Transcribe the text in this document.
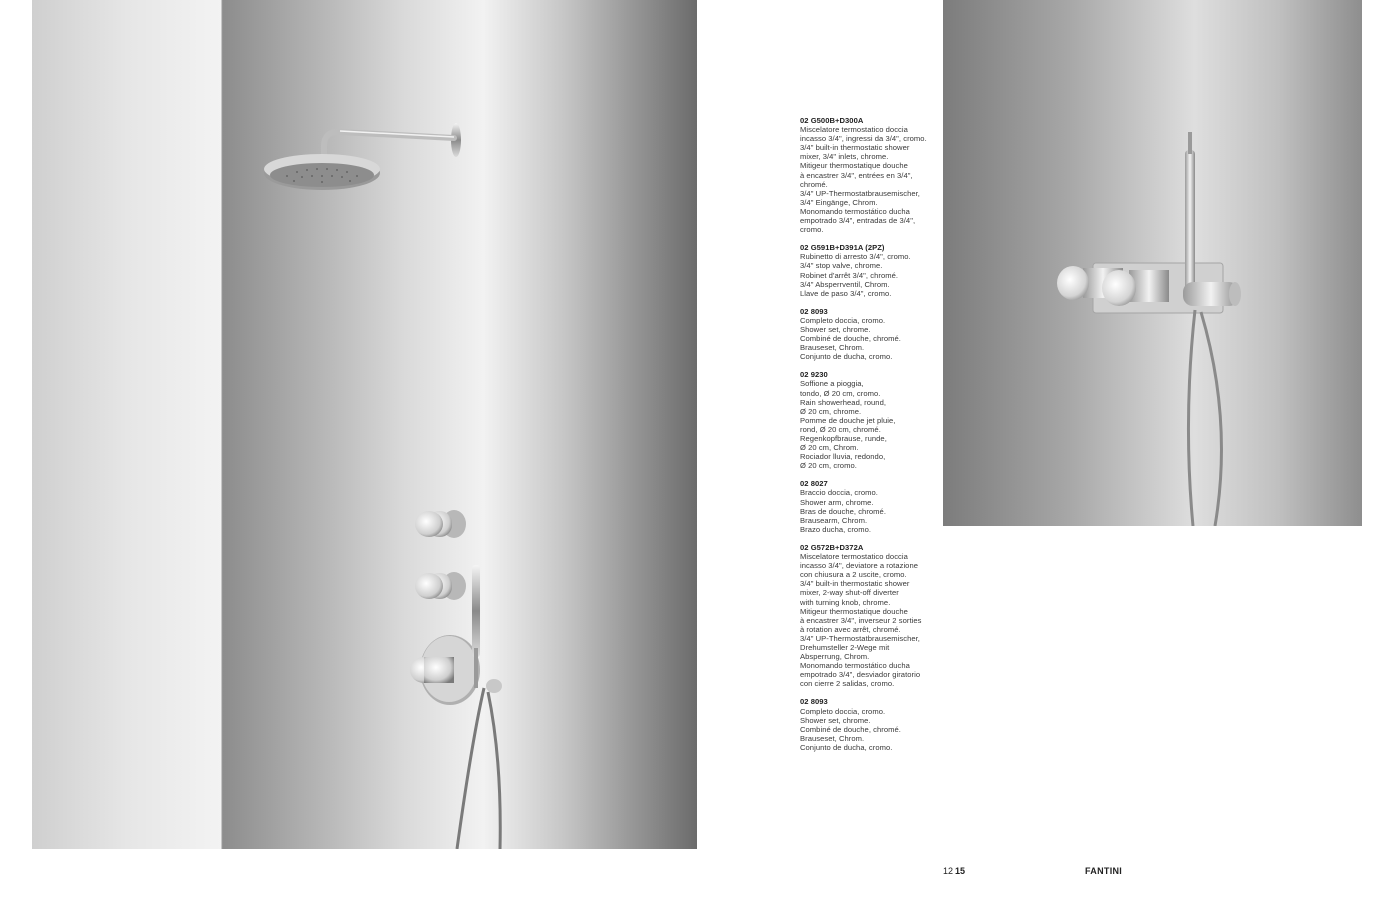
02 G500B+D300A
Miscelatore termostatico doccia
incasso 3/4", ingressi da 3/4", cromo.
3/4" built-in thermostatic shower
mixer, 3/4" inlets, chrome.
Mitigeur thermostatique douche
à encastrer 3/4", entrées en 3/4",
chromé.
3/4" UP-Thermostatbrausemischer,
3/4" Eingänge, Chrom.
Monomando termostático ducha
empotrado 3/4", entradas de 3/4",
cromo.
02 G591B+D391A (2PZ)
Rubinetto di arresto 3/4", cromo.
3/4" stop valve, chrome.
Robinet d'arrêt 3/4", chromé.
3/4" Absperrventil, Chrom.
Llave de paso 3/4", cromo.
02 8093
Completo doccia, cromo.
Shower set, chrome.
Combiné de douche, chromé.
Brauseset, Chrom.
Conjunto de ducha, cromo.
02 9230
Soffione a pioggia,
tondo, Ø 20 cm, cromo.
Rain showerhead, round,
Ø 20 cm, chrome.
Pomme de douche jet pluie,
rond, Ø 20 cm, chromé.
Regenkopfbrause, runde,
Ø 20 cm, Chrom.
Rociador lluvia, redondo,
Ø 20 cm, cromo.
02 8027
Braccio doccia, cromo.
Shower arm, chrome.
Bras de douche, chromé.
Brausearm, Chrom.
Brazo ducha, cromo.
02 G572B+D372A
Miscelatore termostatico doccia
incasso 3/4", deviatore a rotazione
con chiusura a 2 uscite, cromo.
3/4" built-in thermostatic shower
mixer, 2-way shut-off diverter
with turning knob, chrome.
Mitigeur thermostatique douche
à encastrer 3/4", inverseur 2 sorties
à rotation avec arrêt, chromé.
3/4" UP-Thermostatbrausemischer,
Drehumsteller 2-Wege mit
Absperrung, Chrom.
Monomando termostático ducha
empotrado 3/4", desviador giratorio
con cierre 2 salidas, cromo.
02 8093
Completo doccia, cromo.
Shower set, chrome.
Combiné de douche, chromé.
Brauseset, Chrom.
Conjunto de ducha, cromo.
12 15	FANTINI
